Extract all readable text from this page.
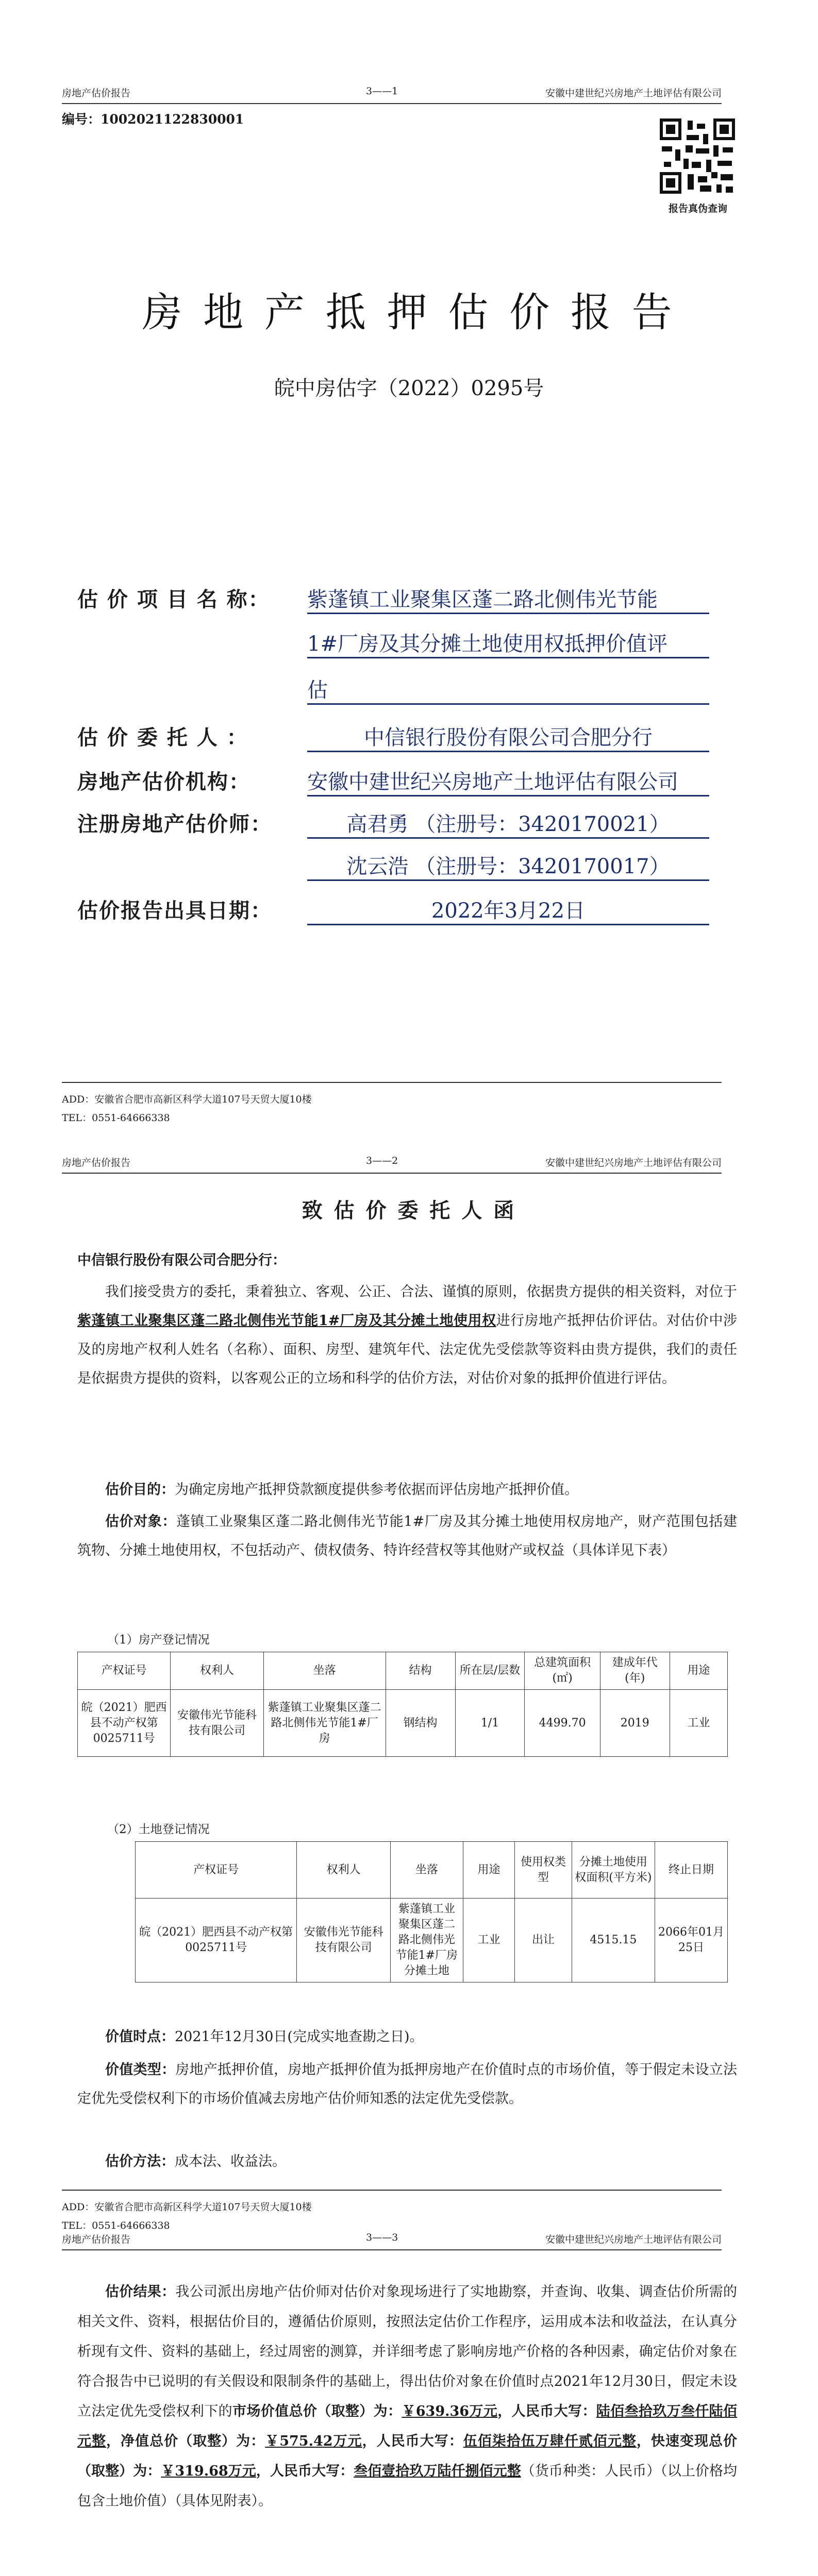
房地产估价报告	3——1	安徽中建世纪兴房地产土地评估有限公司
编号：1002021122830001
报告真伪查询
房 地 产 抵 押 估 价 报 告
皖中房估字（2022）0295号
估 价 项 目 名 称： 紫蓬镇工业聚集区蓬二路北侧伟光节能
1#厂房及其分摊土地使用权抵押价值评
估
估 价 委 托 人 ：	中信银行股份有限公司合肥分行
房地产估价机构：	安徽中建世纪兴房地产土地评估有限公司
注册房地产估价师：	高君勇 （注册号：3420170021）
沈云浩 （注册号：3420170017）
估价报告出具日期：	2022年3月22日
ADD：安徽省合肥市高新区科学大道107号天贸大厦10楼
TEL：0551-64666338
房地产估价报告	3——2	安徽中建世纪兴房地产土地评估有限公司
致 估 价 委 托 人 函
中信银行股份有限公司合肥分行：
我们接受贵方的委托，秉着独立、客观、公正、合法、谨慎的原则，依据贵方提供的相关资料，对位于紫蓬镇工业聚集区蓬二路北侧伟光节能1#厂房及其分摊土地使用权进行房地产抵押估价评估。对估价中涉及的房地产权利人姓名（名称）、面积、房型、建筑年代、法定优先受偿款等资料由贵方提供，我们的责任是依据贵方提供的资料，以客观公正的立场和科学的估价方法，对估价对象的抵押价值进行评估。
估价目的：为确定房地产抵押贷款额度提供参考依据而评估房地产抵押价值。
估价对象：蓬镇工业聚集区蓬二路北侧伟光节能1#厂房及其分摊土地使用权房地产，财产范围包括建筑物、分摊土地使用权，不包括动产、债权债务、特许经营权等其他财产或权益（具体详见下表）
（1）房产登记情况
产权证号	权利人	坐落	结构	所在层/层数	总建筑面积(㎡)	建成年代(年)	用途
皖（2021）肥西县不动产权第0025711号	安徽伟光节能科技有限公司	紫蓬镇工业聚集区蓬二路北侧伟光节能1#厂房	钢结构	1/1	4499.70	2019	工业
（2）土地登记情况
产权证号	权利人	坐落	用途	使用权类型	分摊土地使用权面积(平方米)	终止日期
皖（2021）肥西县不动产权第0025711号	安徽伟光节能科技有限公司	紫蓬镇工业聚集区蓬二路北侧伟光节能1#厂房分摊土地	工业	出让	4515.15	2066年01月25日
价值时点：2021年12月30日(完成实地查勘之日)。
价值类型：房地产抵押价值，房地产抵押价值为抵押房地产在价值时点的市场价值，等于假定未设立法定优先受偿权利下的市场价值减去房地产估价师知悉的法定优先受偿款。
估价方法：成本法、收益法。
ADD：安徽省合肥市高新区科学大道107号天贸大厦10楼
TEL：0551-64666338
房地产估价报告	3——3	安徽中建世纪兴房地产土地评估有限公司
估价结果：我公司派出房地产估价师对估价对象现场进行了实地勘察，并查询、收集、调查估价所需的相关文件、资料，根据估价目的，遵循估价原则，按照法定估价工作程序，运用成本法和收益法，在认真分析现有文件、资料的基础上，经过周密的测算，并详细考虑了影响房地产价格的各种因素，确定估价对象在符合报告中已说明的有关假设和限制条件的基础上，得出估价对象在价值时点2021年12月30日，假定未设立法定优先受偿权利下的市场价值总价（取整）为：￥639.36万元，人民币大写：陆佰叁拾玖万叁仟陆佰元整，净值总价（取整）为：￥575.42万元，人民币大写：伍佰柒拾伍万肆仟贰佰元整，快速变现总价（取整）为：￥319.68万元，人民币大写：叁佰壹拾玖万陆仟捌佰元整（货币种类：人民币）（以上价格均包含土地价值）（具体见附表）。
